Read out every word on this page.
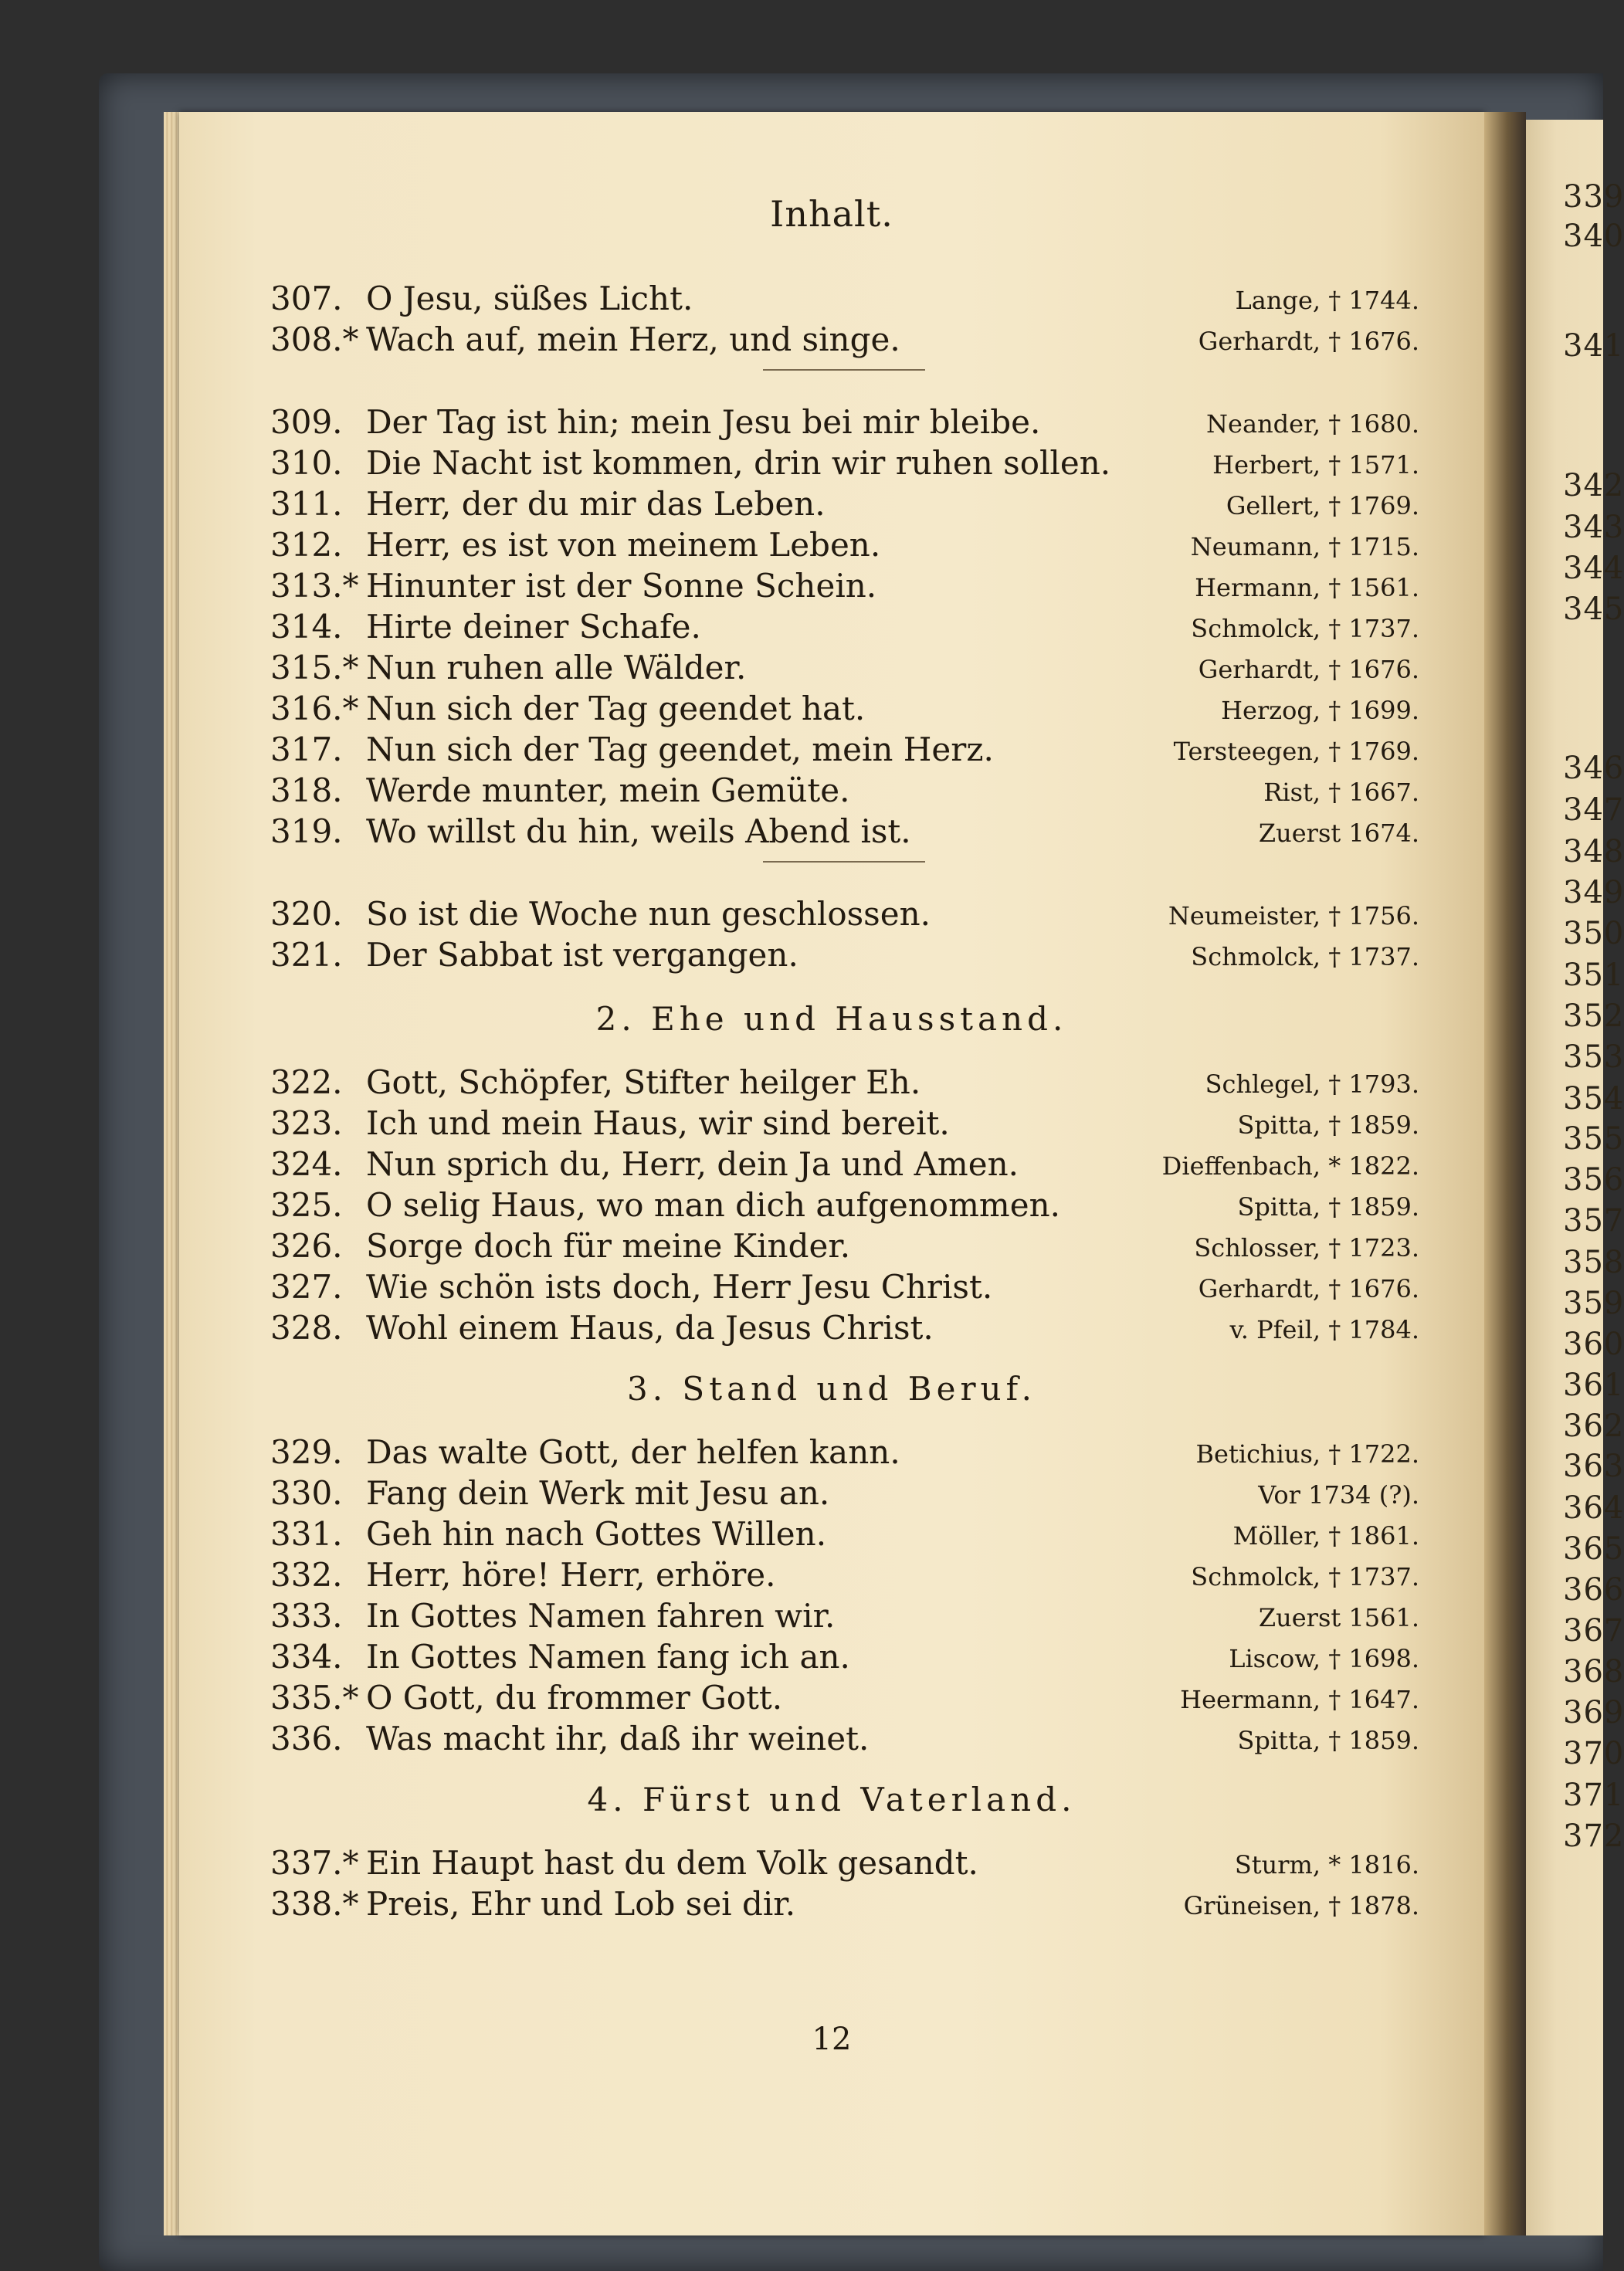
339
340
341
342
343
344
345
346
347
348
349
350
351
352
353
354
355
356
357
358
359
360
361
362
363
364
365
366
367
368
369
370
371
372
Inhalt.
307. O Jesu, süßes Licht.	Lange, † 1744.
308.* Wach auf, mein Herz, und singe.	Gerhardt, † 1676.
309. Der Tag ist hin; mein Jesu bei mir bleibe.	Neander, † 1680.
310. Die Nacht ist kommen, drin wir ruhen sollen.	Herbert, † 1571.
311. Herr, der du mir das Leben.	Gellert, † 1769.
312. Herr, es ist von meinem Leben.	Neumann, † 1715.
313.* Hinunter ist der Sonne Schein.	Hermann, † 1561.
314. Hirte deiner Schafe.	Schmolck, † 1737.
315.* Nun ruhen alle Wälder.	Gerhardt, † 1676.
316.* Nun sich der Tag geendet hat.	Herzog, † 1699.
317. Nun sich der Tag geendet, mein Herz.	Tersteegen, † 1769.
318. Werde munter, mein Gemüte.	Rist, † 1667.
319. Wo willst du hin, weils Abend ist.	Zuerst 1674.
320. So ist die Woche nun geschlossen.	Neumeister, † 1756.
321. Der Sabbat ist vergangen.	Schmolck, † 1737.
2. Ehe und Hausstand.
322. Gott, Schöpfer, Stifter heilger Eh.	Schlegel, † 1793.
323. Ich und mein Haus, wir sind bereit.	Spitta, † 1859.
324. Nun sprich du, Herr, dein Ja und Amen.	Dieffenbach, * 1822.
325. O selig Haus, wo man dich aufgenommen.	Spitta, † 1859.
326. Sorge doch für meine Kinder.	Schlosser, † 1723.
327. Wie schön ists doch, Herr Jesu Christ.	Gerhardt, † 1676.
328. Wohl einem Haus, da Jesus Christ.	v. Pfeil, † 1784.
3. Stand und Beruf.
329. Das walte Gott, der helfen kann.	Betichius, † 1722.
330. Fang dein Werk mit Jesu an.	Vor 1734 (?).
331. Geh hin nach Gottes Willen.	Möller, † 1861.
332. Herr, höre! Herr, erhöre.	Schmolck, † 1737.
333. In Gottes Namen fahren wir.	Zuerst 1561.
334. In Gottes Namen fang ich an.	Liscow, † 1698.
335.* O Gott, du frommer Gott.	Heermann, † 1647.
336. Was macht ihr, daß ihr weinet.	Spitta, † 1859.
4. Fürst und Vaterland.
337.* Ein Haupt hast du dem Volk gesandt.	Sturm, * 1816.
338.* Preis, Ehr und Lob sei dir.	Grüneisen, † 1878.
12
